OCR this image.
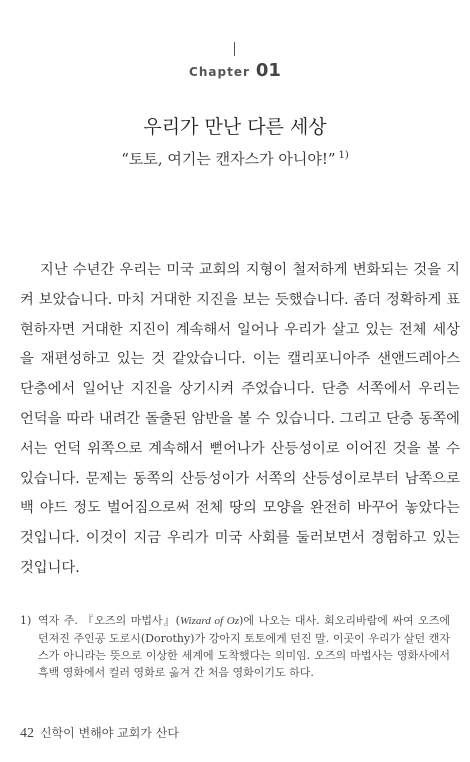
Chapter 01
우리가 만난 다른 세상
“토토, 여기는 캔자스가 아니야!” $^{1)}$

지난 수년간 우리는 미국 교회의 지형이 철저하게 변화되는 것을 지켜 보았습니다. 마치 거대한 지진을 보는 듯했습니다. 좀더 정확하게 표현하자면 거대한 지진이 계속해서 일어나 우리가 살고 있는 전체 세상을 재편성하고 있는 것 같았습니다. 이는 캘리포니아주 샌앤드레아스 단층에서 일어난 지진을 상기시켜 주었습니다. 단층 서쪽에서 우리는 언덕을 따라 내려간 돌출된 암반을 볼 수 있습니다. 그리고 단층 동쪽에서는 언덕 위쪽으로 계속해서 뻗어나가 산등성이로 이어진 것을 볼 수 있습니다. 문제는 동쪽의 산등성이가 서쪽의 산등성이로부터 남쪽으로 백 야드 정도 벌어짐으로써 전체 땅의 모양을 완전히 바꾸어 놓았다는 것입니다. 이것이 지금 우리가 미국 사회를 둘러보면서 경험하고 있는 것입니다.

1) 역자 주. 『오즈의 마법사』(Wizard of Oz)에 나오는 대사. 회오리바람에 싸여 오즈에 던져진 주인공 도로시(Dorothy)가 강아지 토토에게 던진 말. 이곳이 우리가 살던 캔자스가 아니라는 뜻으로 이상한 세계에 도착했다는 의미임. 오즈의 마법사는 영화사에서 흑백 영화에서 컬러 영화로 옮겨 간 처음 영화이기도 하다.
42 신학이 변해야 교회가 산다
